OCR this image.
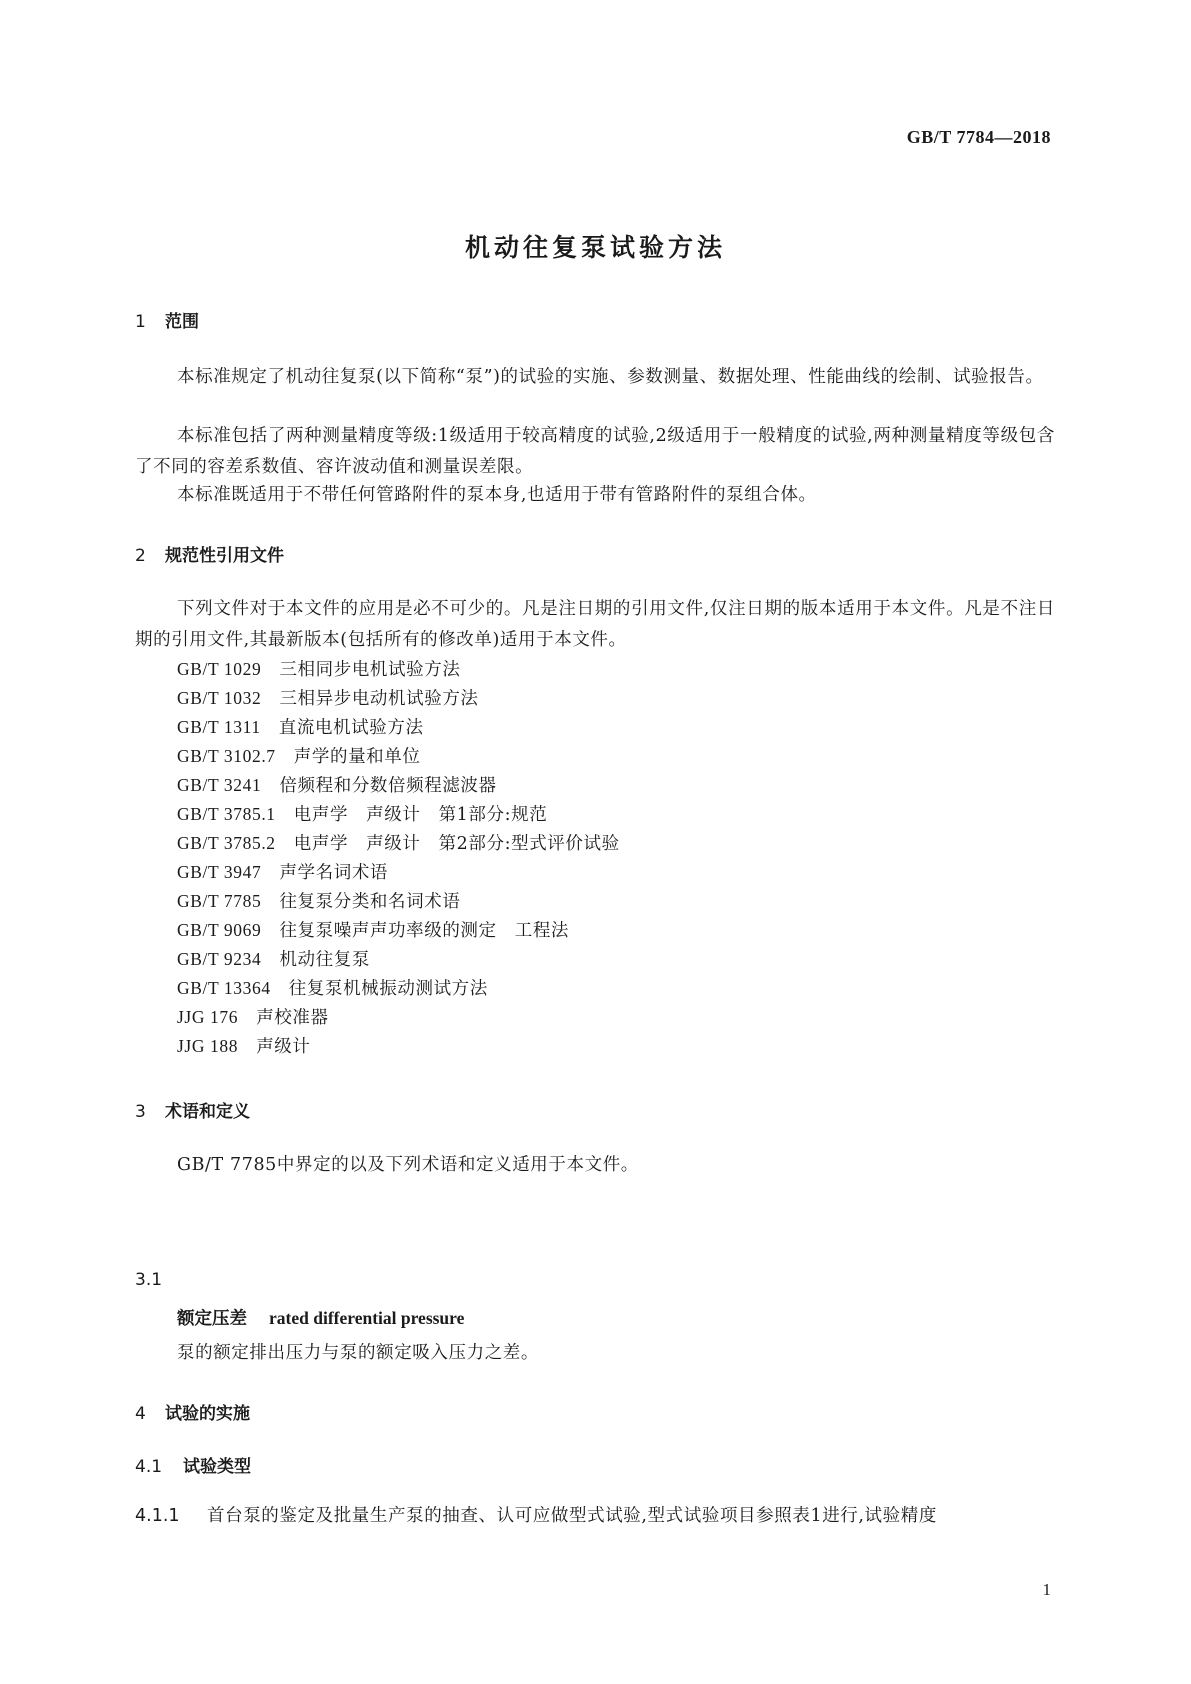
GB/T 7784—2018
机动往复泵试验方法
1 范围
本标准规定了机动往复泵(以下简称“泵”)的试验的实施、参数测量、数据处理、性能曲线的绘制、试验报告。
本标准包括了两种测量精度等级:1级适用于较高精度的试验,2级适用于一般精度的试验,两种测量精度等级包含了不同的容差系数值、容许波动值和测量误差限。
本标准既适用于不带任何管路附件的泵本身,也适用于带有管路附件的泵组合体。
2 规范性引用文件
下列文件对于本文件的应用是必不可少的。凡是注日期的引用文件,仅注日期的版本适用于本文件。凡是不注日期的引用文件,其最新版本(包括所有的修改单)适用于本文件。
GB/T 1029　 三相同步电机试验方法
GB/T 1032　 三相异步电动机试验方法
GB/T 1311　 直流电机试验方法
GB/T 3102.7　 声学的量和单位
GB/T 3241　 倍频程和分数倍频程滤波器
GB/T 3785.1　 电声学　声级计　第1部分:规范
GB/T 3785.2　 电声学　声级计　第2部分:型式评价试验
GB/T 3947　 声学名词术语
GB/T 7785　 往复泵分类和名词术语
GB/T 9069　 往复泵噪声声功率级的测定　工程法
GB/T 9234　 机动往复泵
GB/T 13364　 往复泵机械振动测试方法
JJG 176　 声校准器
JJG 188　 声级计
3 术语和定义
GB/T 7785中界定的以及下列术语和定义适用于本文件。
3.1
额定压差 rated differential pressure
泵的额定排出压力与泵的额定吸入压力之差。
4 试验的实施
4.1 试验类型
4.1.1 首台泵的鉴定及批量生产泵的抽查、认可应做型式试验,型式试验项目参照表1进行,试验精度
1
